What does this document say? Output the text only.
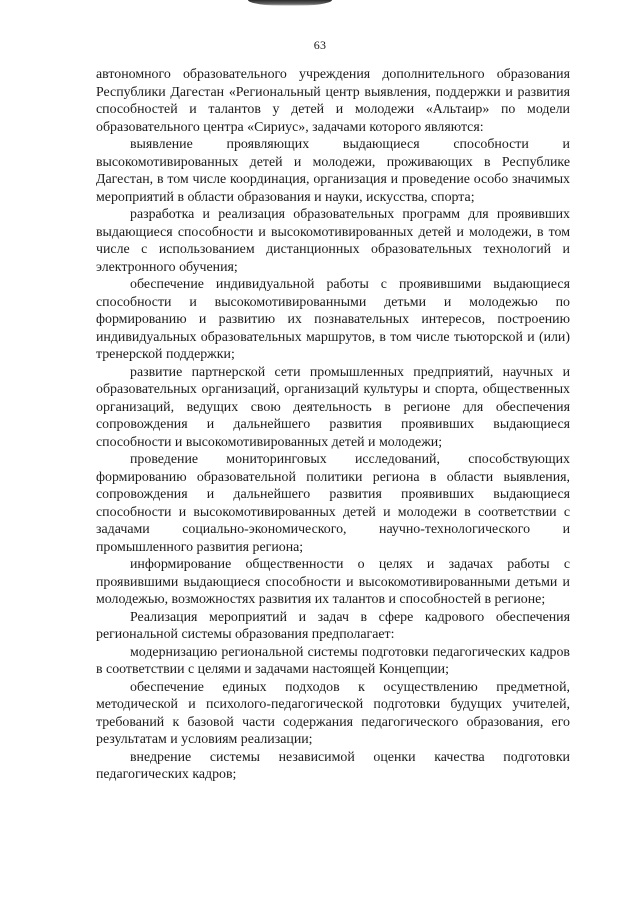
63

автономного образовательного учреждения дополнительного образования Республики Дагестан «Региональный центр выявления, поддержки и развития способностей и талантов у детей и молодежи «Альтаир» по модели образовательного центра «Сириус», задачами которого являются:

выявление проявляющих выдающиеся способности и высокомотивированных детей и молодежи, проживающих в Республике Дагестан, в том числе координация, организация и проведение особо значимых мероприятий в области образования и науки, искусства, спорта;

разработка и реализация образовательных программ для проявивших выдающиеся способности и высокомотивированных детей и молодежи, в том числе с использованием дистанционных образовательных технологий и электронного обучения;

обеспечение индивидуальной работы с проявившими выдающиеся способности и высокомотивированными детьми и молодежью по формированию и развитию их познавательных интересов, построению индивидуальных образовательных маршрутов, в том числе тьюторской и (или) тренерской поддержки;

развитие партнерской сети промышленных предприятий, научных и образовательных организаций, организаций культуры и спорта, общественных организаций, ведущих свою деятельность в регионе для обеспечения сопровождения и дальнейшего развития проявивших выдающиеся способности и высокомотивированных детей и молодежи;

проведение мониторинговых исследований, способствующих формированию образовательной политики региона в области выявления, сопровождения и дальнейшего развития проявивших выдающиеся способности и высокомотивированных детей и молодежи в соответствии с задачами социально-экономического, научно-технологического и промышленного развития региона;

информирование общественности о целях и задачах работы с проявившими выдающиеся способности и высокомотивированными детьми и молодежью, возможностях развития их талантов и способностей в регионе;

Реализация мероприятий и задач в сфере кадрового обеспечения региональной системы образования предполагает:

модернизацию региональной системы подготовки педагогических кадров в соответствии с целями и задачами настоящей Концепции;

обеспечение единых подходов к осуществлению предметной, методической и психолого-педагогической подготовки будущих учителей, требований к базовой части содержания педагогического образования, его результатам и условиям реализации;

внедрение системы независимой оценки качества подготовки педагогических кадров;
